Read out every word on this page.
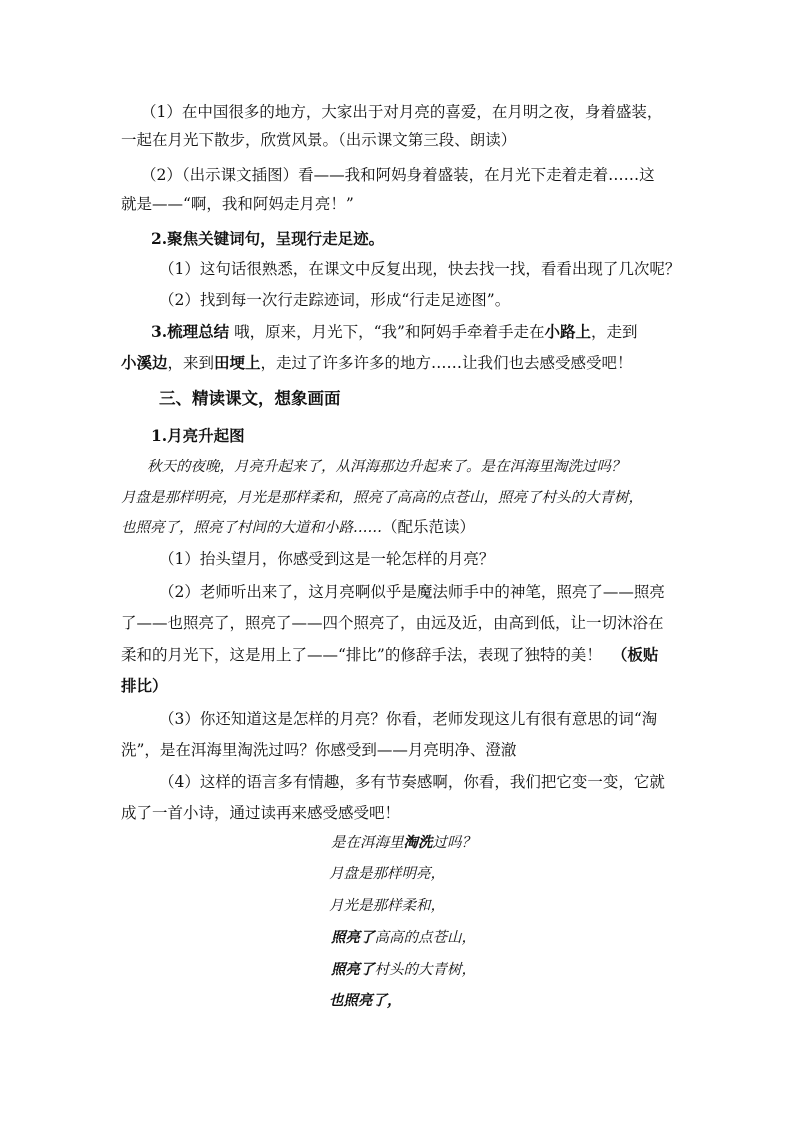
（1）在中国很多的地方，大家出于对月亮的喜爱，在月明之夜，身着盛装，
一起在月光下散步，欣赏风景。（出示课文第三段、朗读）
（2）（出示课文插图）看——我和阿妈身着盛装，在月光下走着走着……这
就是——“啊，我和阿妈走月亮！”
2.聚焦关键词句，呈现行走足迹。
（1）这句话很熟悉，在课文中反复出现，快去找一找，看看出现了几次呢？
（2）找到每一次行走踪迹词，形成“行走足迹图”。
3.梳理总结 哦，原来，月光下，“我”和阿妈手牵着手走在小路上，走到
小溪边，来到田埂上，走过了许多许多的地方……让我们也去感受感受吧！
三、精读课文，想象画面
1.月亮升起图
秋天的夜晚，月亮升起来了，从洱海那边升起来了。是在洱海里淘洗过吗？
月盘是那样明亮，月光是那样柔和，照亮了高高的点苍山，照亮了村头的大青树，
也照亮了，照亮了村间的大道和小路……（配乐范读）
（1）抬头望月，你感受到这是一轮怎样的月亮？
（2）老师听出来了，这月亮啊似乎是魔法师手中的神笔，照亮了——照亮
了——也照亮了，照亮了——四个照亮了，由远及近，由高到低，让一切沐浴在
柔和的月光下，这是用上了——“排比”的修辞手法，表现了独特的美！ （板贴
排比）
（3）你还知道这是怎样的月亮？你看，老师发现这儿有很有意思的词“淘
洗”，是在洱海里淘洗过吗？你感受到——月亮明净、澄澈
（4）这样的语言多有情趣，多有节奏感啊，你看，我们把它变一变，它就
成了一首小诗，通过读再来感受感受吧！
是在洱海里淘洗过吗？
月盘是那样明亮，
月光是那样柔和，
照亮了高高的点苍山，
照亮了村头的大青树，
也照亮了，
